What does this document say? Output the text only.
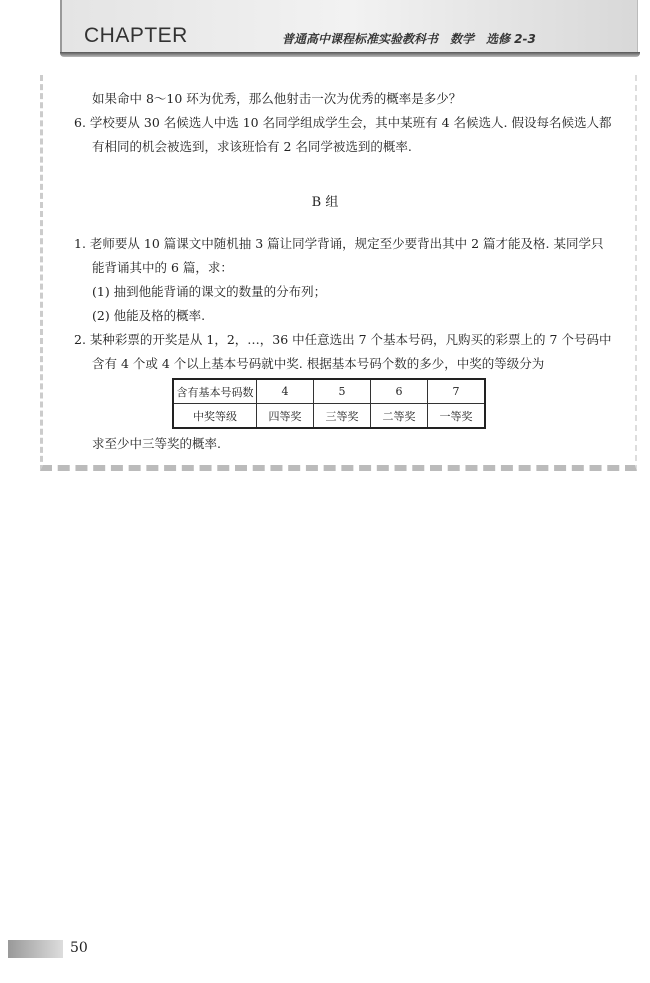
CHAPTER	普通高中课程标准实验教科书　数学　选修 2-3
如果命中 8～10 环为优秀，那么他射击一次为优秀的概率是多少？
6. 学校要从 30 名候选人中选 10 名同学组成学生会，其中某班有 4 名候选人. 假设每名候选人都
有相同的机会被选到，求该班恰有 2 名同学被选到的概率.
B 组
1. 老师要从 10 篇课文中随机抽 3 篇让同学背诵，规定至少要背出其中 2 篇才能及格. 某同学只
能背诵其中的 6 篇，求：
(1) 抽到他能背诵的课文的数量的分布列；
(2) 他能及格的概率.
2. 某种彩票的开奖是从 1，2，…，36 中任意选出 7 个基本号码，凡购买的彩票上的 7 个号码中
含有 4 个或 4 个以上基本号码就中奖. 根据基本号码个数的多少，中奖的等级分为
含有基本号码数	4	5	6	7
中奖等级	四等奖	三等奖	二等奖	一等奖
求至少中三等奖的概率.
50
